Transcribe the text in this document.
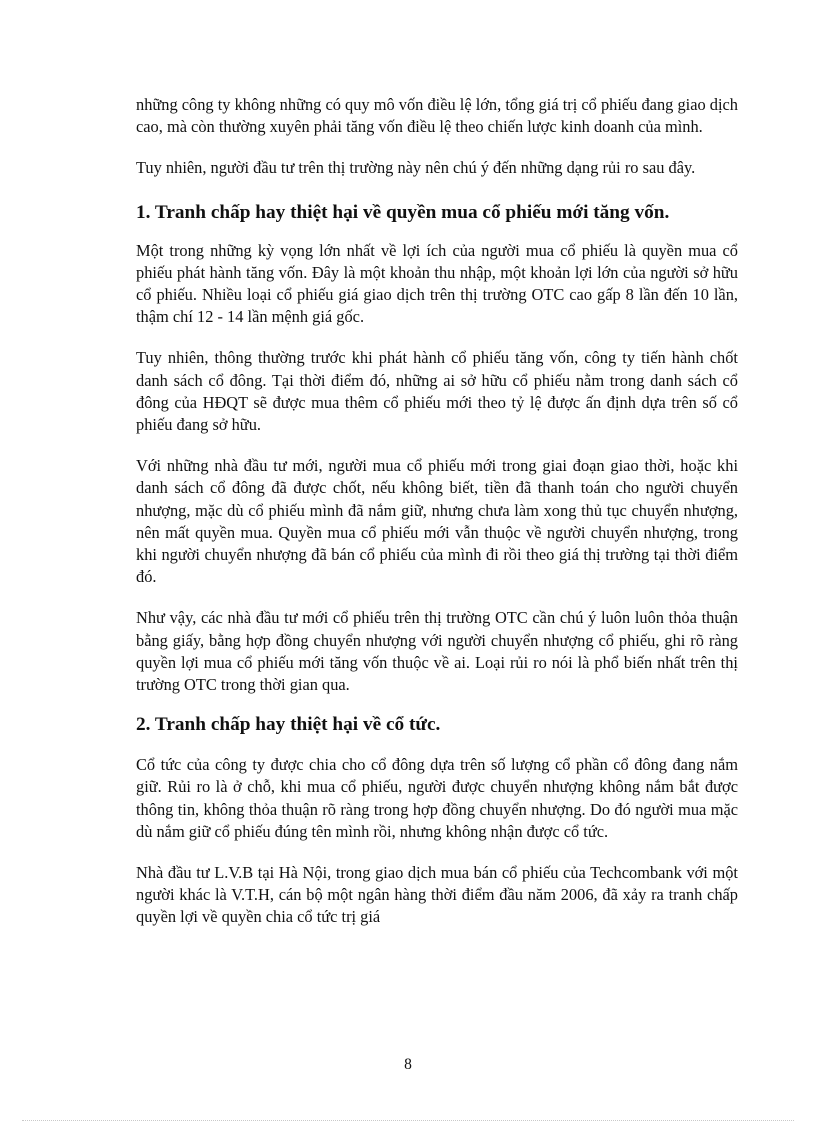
những công ty không những có quy mô vốn điều lệ lớn, tổng giá trị cổ phiếu đang giao dịch cao, mà còn thường xuyên phải tăng vốn điều lệ theo chiến lược kinh doanh của mình.

Tuy nhiên, người đầu tư trên thị trường này nên chú ý đến những dạng rủi ro sau đây.

1. Tranh chấp hay thiệt hại về quyền mua cổ phiếu mới tăng vốn.

Một trong những kỳ vọng lớn nhất về lợi ích của người mua cổ phiếu là quyền mua cổ phiếu phát hành tăng vốn. Đây là một khoản thu nhập, một khoản lợi lớn của người sở hữu cổ phiếu. Nhiều loại cổ phiếu giá giao dịch trên thị trường OTC cao gấp 8 lần đến 10 lần, thậm chí 12 - 14 lần mệnh giá gốc.

Tuy nhiên, thông thường trước khi phát hành cổ phiếu tăng vốn, công ty tiến hành chốt danh sách cổ đông. Tại thời điểm đó, những ai sở hữu cổ phiếu nằm trong danh sách cổ đông của HĐQT sẽ được mua thêm cổ phiếu mới theo tỷ lệ được ấn định dựa trên số cổ phiếu đang sở hữu.

Với những nhà đầu tư mới, người mua cổ phiếu mới trong giai đoạn giao thời, hoặc khi danh sách cổ đông đã được chốt, nếu không biết, tiền đã thanh toán cho người chuyển nhượng, mặc dù cổ phiếu mình đã nắm giữ, nhưng chưa làm xong thủ tục chuyển nhượng, nên mất quyền mua. Quyền mua cổ phiếu mới vẫn thuộc về người chuyển nhượng, trong khi người chuyển nhượng đã bán cổ phiếu của mình đi rồi theo giá thị trường tại thời điểm đó.

Như vậy, các nhà đầu tư mới cổ phiếu trên thị trường OTC cần chú ý luôn luôn thỏa thuận bằng giấy, bằng hợp đồng chuyển nhượng với người chuyển nhượng cổ phiếu, ghi rõ ràng quyền lợi mua cổ phiếu mới tăng vốn thuộc về ai. Loại rủi ro nói là phổ biến nhất trên thị trường OTC trong thời gian qua.

2. Tranh chấp hay thiệt hại về cổ tức.

Cổ tức của công ty được chia cho cổ đông dựa trên số lượng cổ phần cổ đông đang nắm giữ. Rủi ro là ở chỗ, khi mua cổ phiếu, người được chuyển nhượng không nắm bắt được thông tin, không thỏa thuận rõ ràng trong hợp đồng chuyển nhượng. Do đó người mua mặc dù nắm giữ cổ phiếu đúng tên mình rồi, nhưng không nhận được cổ tức.

Nhà đầu tư L.V.B tại Hà Nội, trong giao dịch mua bán cổ phiếu của Techcombank với một người khác là V.T.H, cán bộ một ngân hàng thời điểm đầu năm 2006, đã xảy ra tranh chấp quyền lợi về quyền chia cổ tức trị giá

8
